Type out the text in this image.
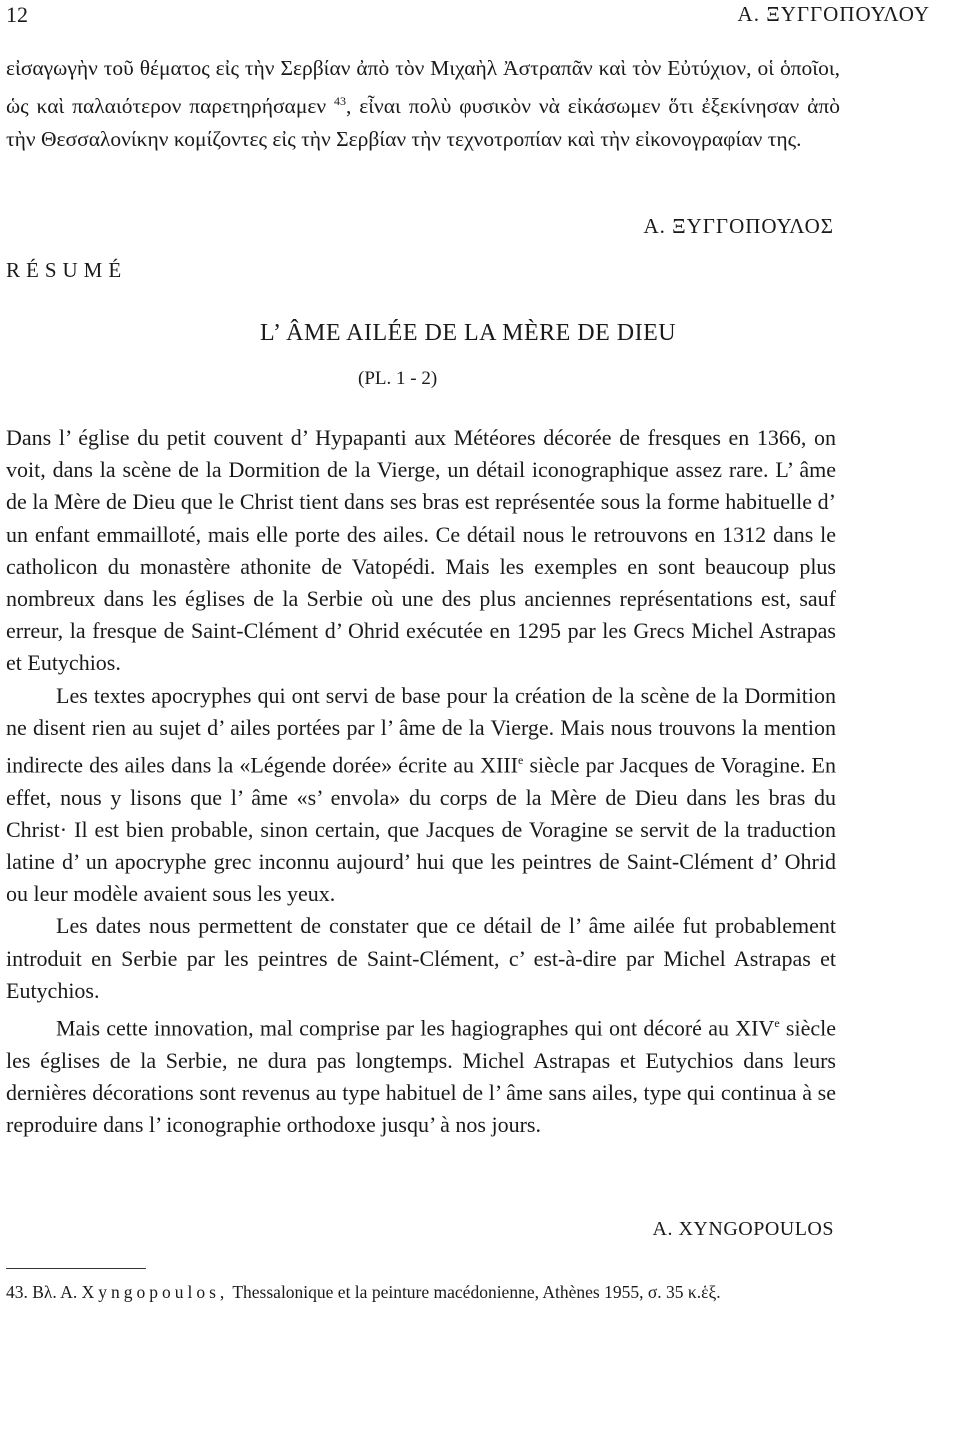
12	Α. ΞΥΓΓΟΠΟΥΛΟΥ
εἰσαγωγὴν τοῦ θέματος εἰς τὴν Σερβίαν ἀπὸ τὸν Μιχαὴλ Ἀστραπᾶν καὶ τὸν Εὐτύχιον, οἱ ὁποῖοι, ὡς καὶ παλαιότερον παρετηρήσαμεν $^{43}$, εἶναι πολὺ φυσικὸν νὰ εἰκάσωμεν ὅτι ἐξεκίνησαν ἀπὸ τὴν Θεσσαλονίκην κομίζοντες εἰς τὴν Σερβίαν τὴν τεχνοτροπίαν καὶ τὴν εἰκονογραφίαν της.
Α. ΞΥΓΓΟΠΟΥΛΟΣ
RÉSUMÉ
L’ ÂME AILÉE DE LA MÈRE DE DIEU
(PL. 1 - 2)

Dans l’ église du petit couvent d’ Hypapanti aux Météores décorée de fresques en 1366, on voit, dans la scène de la Dormition de la Vierge, un détail iconographique assez rare. L’ âme de la Mère de Dieu que le Christ tient dans ses bras est représentée sous la forme habituelle d’ un enfant emmailloté, mais elle porte des ailes. Ce détail nous le retrouvons en 1312 dans le catholicon du monastère athonite de Vatopédi. Mais les exemples en sont beaucoup plus nombreux dans les églises de la Serbie où une des plus anciennes représentations est, sauf erreur, la fresque de Saint-Clément d’ Ohrid exécutée en 1295 par les Grecs Michel Astrapas et Eutychios.

Les textes apocryphes qui ont servi de base pour la création de la scène de la Dormition ne disent rien au sujet d’ ailes portées par l’ âme de la Vierge. Mais nous trouvons la mention indirecte des ailes dans la «Légende dorée» écrite au XIIIe siècle par Jacques de Voragine. En effet, nous y lisons que l’ âme «s’ envola» du corps de la Mère de Dieu dans les bras du Christ· Il est bien probable, sinon certain, que Jacques de Voragine se servit de la traduction latine d’ un apocryphe grec inconnu aujourd’ hui que les peintres de Saint-Clément d’ Ohrid ou leur modèle avaient sous les yeux.

Les dates nous permettent de constater que ce détail de l’ âme ailée fut probablement introduit en Serbie par les peintres de Saint-Clément, c’ est-à-dire par Michel Astrapas et Eutychios.

Mais cette innovation, mal comprise par les hagiographes qui ont décoré au XIVe siècle les églises de la Serbie, ne dura pas longtemps. Michel Astrapas et Eutychios dans leurs dernières décorations sont revenus au type habituel de l’ âme sans ailes, type qui continua à se reproduire dans l’ iconographie orthodoxe jusqu’ à nos jours.

A. XYNGOPOULOS
43. Βλ. Α. Xyngopoulos, Thessalonique et la peinture macédonienne, Athènes 1955, σ. 35 κ.ἑξ.
